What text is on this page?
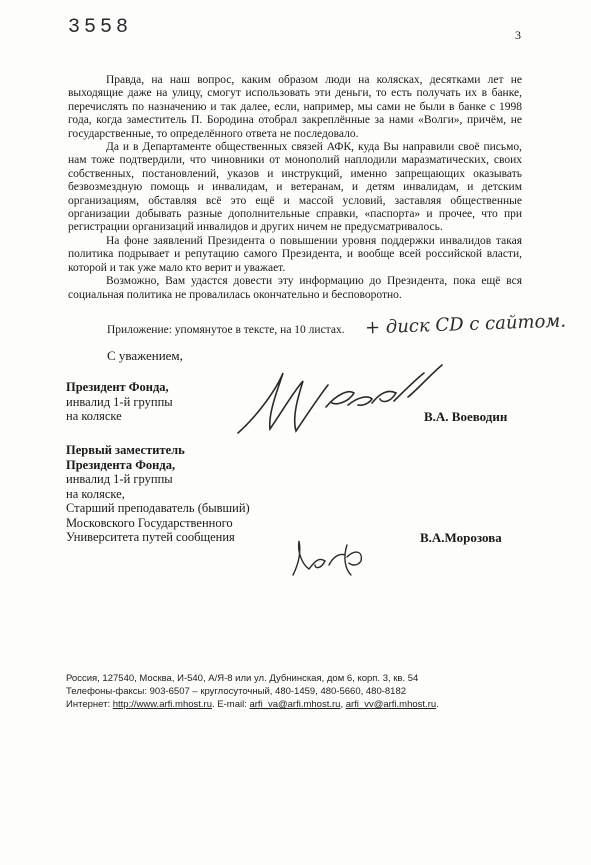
3558	3

Правда, на наш вопрос, каким образом люди на колясках, десятками лет не выходящие даже на улицу, смогут использовать эти деньги, то есть получать их в банке, перечислять по назначению и так далее, если, например, мы сами не были в банке с 1998 года, когда заместитель П. Бородина отобрал закреплённые за нами «Волги», причём, не государственные, то определённого ответа не последовало.

Да и в Департаменте общественных связей АФК, куда Вы направили своё письмо, нам тоже подтвердили, что чиновники от монополий наплодили маразматических, своих собственных, постановлений, указов и инструкций, именно запрещающих оказывать безвозмездную помощь и инвалидам, и ветеранам, и детям инвалидам, и детским организациям, обставляя всё это ещё и массой условий, заставляя общественные организации добывать разные дополнительные справки, «паспорта» и прочее, что при регистрации организаций инвалидов и других ничем не предусматривалось.

На фоне заявлений Президента о повышении уровня поддержки инвалидов такая политика подрывает и репутацию самого Президента, и вообще всей российской власти, которой и так уже мало кто верит и уважает.

Возможно, Вам удастся довести эту информацию до Президента, пока ещё вся социальная политика не провалилась окончательно и бесповоротно.

Приложение: упомянутое в тексте, на 10 листах. + диск CD с сайтом.
С уважением,
Президент Фонда,
инвалид 1-й группы
на коляске	В.А. Воеводин
Первый заместитель
Президента Фонда,
инвалид 1-й группы
на коляске,
Старший преподаватель (бывший)
Московского Государственного
Университета путей сообщения	В.А.Морозова
Россия, 127540, Москва, И-540, А/Я-8 или ул. Дубнинская, дом 6, корп. 3, кв. 54
Телефоны-факсы: 903-6507 – круглосуточный, 480-1459, 480-5660, 480-8182
Интернет: http://www.arfi.mhost.ru. E-mail: arfi_va@arfi.mhost.ru, arfi_vv@arfi.mhost.ru.
